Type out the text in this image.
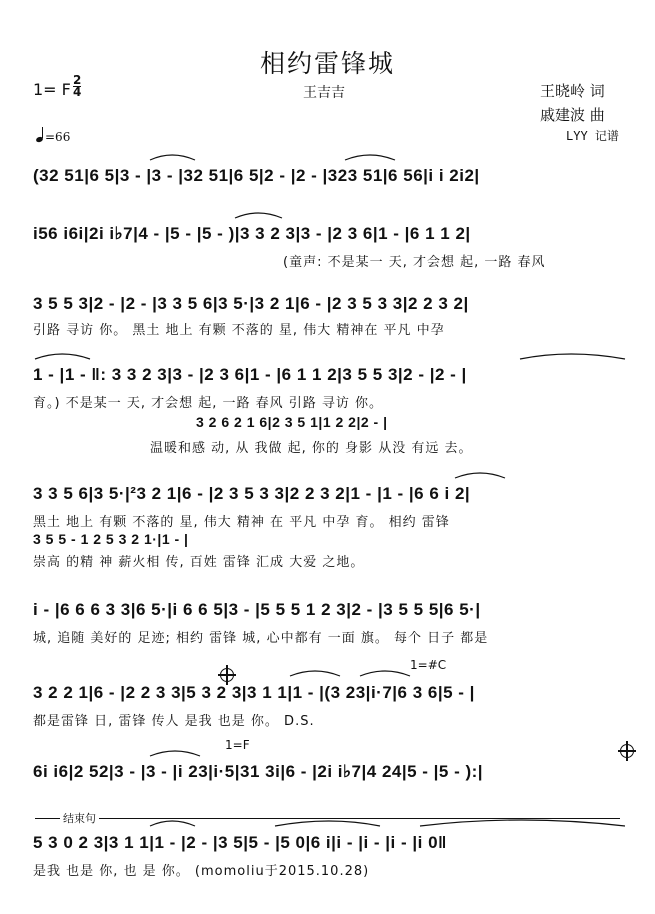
相约雷锋城
1= F 2
4	王吉吉	王晓岭 词
戚建波 曲
=66	LYY 记谱
(32 51|6 5|3 - |3 - |32 51|6 5|2 - |2 - |323 51|6 56|i i 2i2|
i56 i6i|2i i♭7|4 - |5 - |5 - )|3 3 2 3|3 - |2 3 6|1 - |6 1 1 2|
(童声: 不是某一 天, 才会想 起, 一路 春风
3 5 5 3|2 - |2 - |3 3 5 6|3 5·|3 2 1|6 - |2 3 5 3 3|2 2 3 2|
引路 寻访 你。 黑土 地上 有颗 不落的 星, 伟大 精神在 平凡 中孕
1 - |1 - ‖: 3 3 2 3|3 - |2 3 6|1 - |6 1 1 2|3 5 5 3|2 - |2 - |
育。) 不是某一 天, 才会想 起, 一路 春风 引路 寻访 你。
3 2 6 2 1 6|2 3 5 1|1 2 2|2 - |
温暖和感 动, 从 我做 起, 你的 身影 从没 有远 去。
3 3 5 6|3 5·|²3 2 1|6 - |2 3 5 3 3|2 2 3 2|1 - |1 - |6 6 i 2|
黑土 地上 有颗 不落的 星, 伟大 精神 在 平凡 中孕 育。 相约 雷锋
3 5 5 - 1 2 5 3 2 1·|1 - |
崇高 的精 神 薪火相 传, 百姓 雷锋 汇成 大爱 之地。
i - |6 6 6 3 3|6 5·|i 6 6 5|3 - |5 5 5 1 2 3|2 - |3 5 5 5|6 5·|
城, 追随 美好的 足迹; 相约 雷锋 城, 心中都有 一面 旗。 每个 日子 都是
1=#C
3 2 2 1|6 - |2 2 3 3|5 3 2 3|3 1 1|1 - |(3 23|i·7|6 3 6|5 - |
都是雷锋 日, 雷锋 传人 是我 也是 你。 D.S.
1=F
6i i6|2 52|3 - |3 - |i 23|i·5|31 3i|6 - |2i i♭7|4 24|5 - |5 - ):|
结束句
5 3 0 2 3|3 1 1|1 - |2 - |3 5|5 - |5 0|6 i|i - |i - |i - |i 0‖
是我 也是 你, 也 是 你。 (momoliu于2015.10.28)
